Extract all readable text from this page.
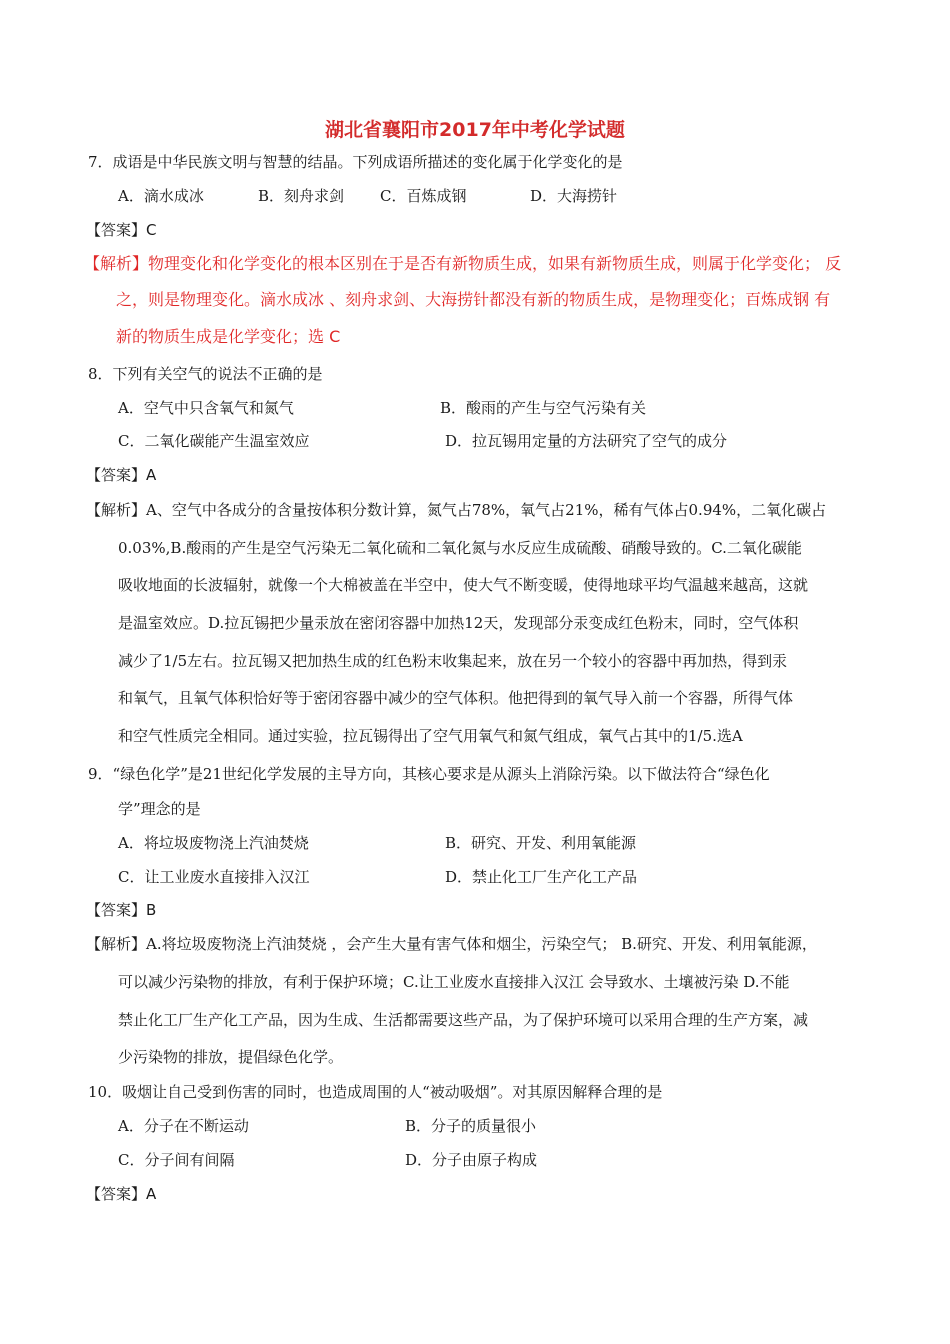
湖北省襄阳市2017年中考化学试题
7．成语是中华民族文明与智慧的结晶。下列成语所描述的变化属于化学变化的是
A．滴水成冰	B．刻舟求剑 C．百炼成钢	D．大海捞针
【答案】C
【解析】物理变化和化学变化的根本区别在于是否有新物质生成，如果有新物质生成，则属于化学变化； 反
之，则是物理变化。滴水成冰 、刻舟求剑、大海捞针都没有新的物质生成，是物理变化；百炼成钢 有
新的物质生成是化学变化；选 C
8．下列有关空气的说法不正确的是
A．空气中只含氧气和氮气	B．酸雨的产生与空气污染有关
C．二氧化碳能产生温室效应	D．拉瓦锡用定量的方法研究了空气的成分
【答案】A
【解析】A、空气中各成分的含量按体积分数计算，氮气占78%，氧气占21%，稀有气体占0.94%，二氧化碳占
0.03%,B.酸雨的产生是空气污染无二氧化硫和二氧化氮与水反应生成硫酸、硝酸导致的。C.二氧化碳能
吸收地面的长波辐射，就像一个大棉被盖在半空中，使大气不断变暖，使得地球平均气温越来越高，这就
是温室效应。D.拉瓦锡把少量汞放在密闭容器中加热12天，发现部分汞变成红色粉末，同时，空气体积
减少了1/5左右。拉瓦锡又把加热生成的红色粉末收集起来，放在另一个较小的容器中再加热，得到汞
和氧气，且氧气体积恰好等于密闭容器中减少的空气体积。他把得到的氧气导入前一个容器，所得气体
和空气性质完全相同。通过实验，拉瓦锡得出了空气用氧气和氮气组成，氧气占其中的1/5.选A
9．“绿色化学”是21世纪化学发展的主导方向，其核心要求是从源头上消除污染。以下做法符合“绿色化
学”理念的是
A．将垃圾废物浇上汽油焚烧	B．研究、开发、利用氧能源
C．让工业废水直接排入汉江	D．禁止化工厂生产化工产品
【答案】B
【解析】A.将垃圾废物浇上汽油焚烧 ，会产生大量有害气体和烟尘，污染空气； B.研究、开发、利用氧能源，
可以减少污染物的排放，有利于保护环境；C.让工业废水直接排入汉江 会导致水、土壤被污染 D.不能
禁止化工厂生产化工产品，因为生成、生活都需要这些产品，为了保护环境可以采用合理的生产方案，减
少污染物的排放，提倡绿色化学。
10．吸烟让自己受到伤害的同时，也造成周围的人“被动吸烟”。对其原因解释合理的是
A．分子在不断运动	B．分子的质量很小
C．分子间有间隔	D．分子由原子构成
【答案】A
